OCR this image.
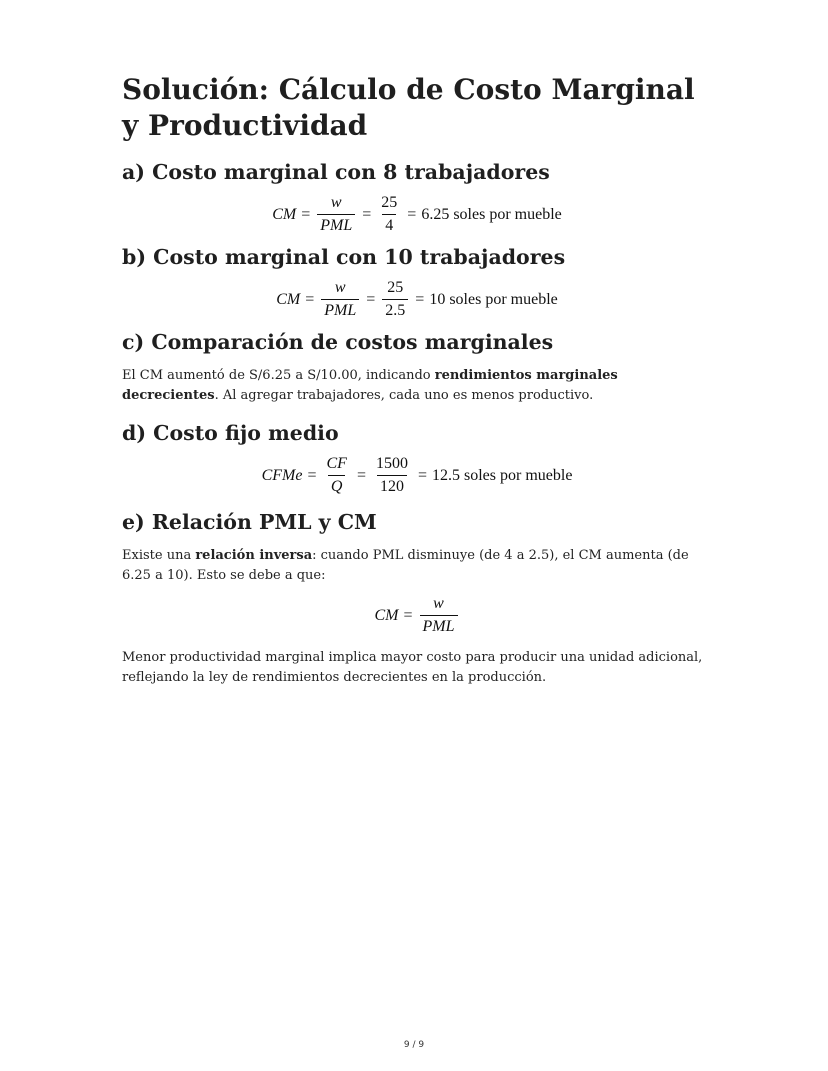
Solución: Cálculo de Costo Marginal y Productividad
a) Costo marginal con 8 trabajadores
CM = $\frac{w}{\text{PML}} = \frac{25}{4} = 6.25$ soles por mueble
b) Costo marginal con 10 trabajadores
CM = $\frac{w}{\text{PML}} = \frac{25}{2.5} = 10$ soles por mueble
c) Comparación de costos marginales

El CM aumentó de S/6.25 a S/10.00, indicando rendimientos marginales decrecientes. Al agregar trabajadores, cada uno es menos productivo.

d) Costo fijo medio
CFMe = $\frac{CF}{Q} = \frac{1500}{120} = 12.5$ soles por mueble
e) Relación PML y CM

Existe una relación inversa: cuando PML disminuye (de 4 a 2.5), el CM aumenta (de 6.25 a 10). Esto se debe a que:

CM = $\frac{w}{\text{PML}}$

Menor productividad marginal implica mayor costo para producir una unidad adicional, reflejando la ley de rendimientos decrecientes en la producción.

9 / 9
